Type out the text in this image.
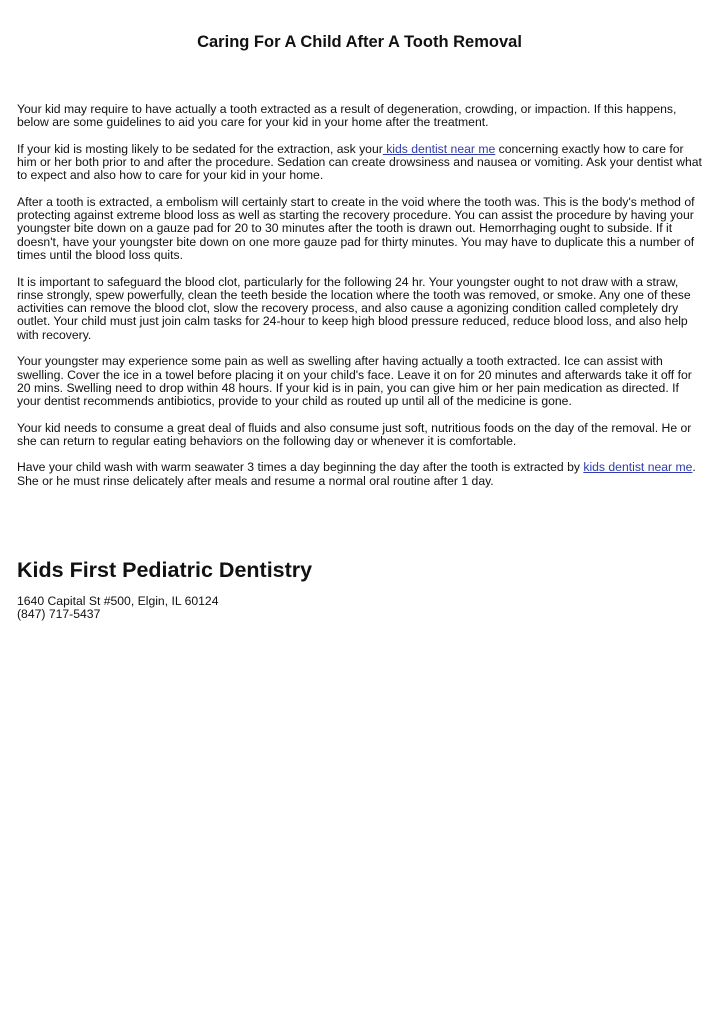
Caring For A Child After A Tooth Removal

Your kid may require to have actually a tooth extracted as a result of degeneration, crowding, or impaction. If this happens, below are some guidelines to aid you care for your kid in your home after the treatment.

If your kid is mosting likely to be sedated for the extraction, ask your kids dentist near me concerning exactly how to care for him or her both prior to and after the procedure. Sedation can create drowsiness and nausea or vomiting. Ask your dentist what to expect and also how to care for your kid in your home.

After a tooth is extracted, a embolism will certainly start to create in the void where the tooth was. This is the body's method of protecting against extreme blood loss as well as starting the recovery procedure. You can assist the procedure by having your youngster bite down on a gauze pad for 20 to 30 minutes after the tooth is drawn out. Hemorrhaging ought to subside. If it doesn't, have your youngster bite down on one more gauze pad for thirty minutes. You may have to duplicate this a number of times until the blood loss quits.

It is important to safeguard the blood clot, particularly for the following 24 hr. Your youngster ought to not draw with a straw, rinse strongly, spew powerfully, clean the teeth beside the location where the tooth was removed, or smoke. Any one of these activities can remove the blood clot, slow the recovery process, and also cause a agonizing condition called completely dry outlet. Your child must just join calm tasks for 24-hour to keep high blood pressure reduced, reduce blood loss, and also help with recovery.

Your youngster may experience some pain as well as swelling after having actually a tooth extracted. Ice can assist with swelling. Cover the ice in a towel before placing it on your child's face. Leave it on for 20 minutes and afterwards take it off for 20 mins. Swelling need to drop within 48 hours. If your kid is in pain, you can give him or her pain medication as directed. If your dentist recommends antibiotics, provide to your child as routed up until all of the medicine is gone.

Your kid needs to consume a great deal of fluids and also consume just soft, nutritious foods on the day of the removal. He or she can return to regular eating behaviors on the following day or whenever it is comfortable.

Have your child wash with warm seawater 3 times a day beginning the day after the tooth is extracted by kids dentist near me. She or he must rinse delicately after meals and resume a normal oral routine after 1 day.

Kids First Pediatric Dentistry
1640 Capital St #500, Elgin, IL 60124
(847) 717-5437
